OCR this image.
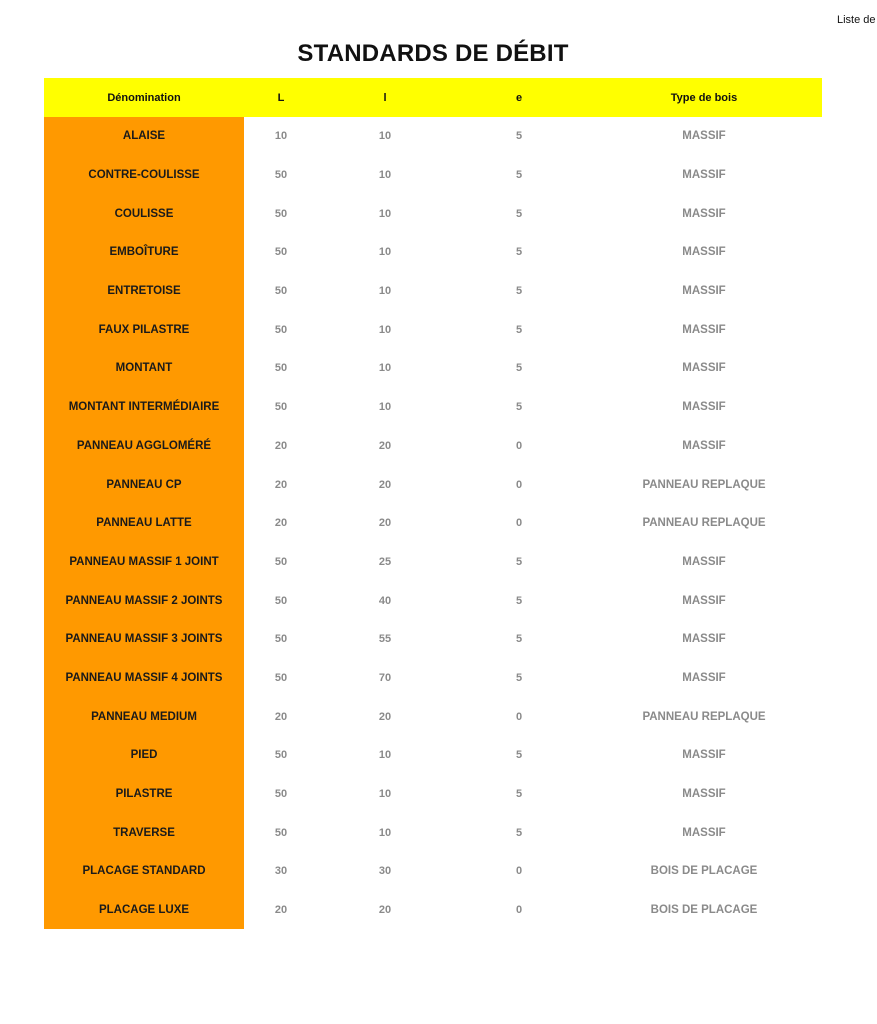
Liste de
STANDARDS DE DÉBIT
Dénomination	L	l	e	Type de bois
ALAISE	10	10	5	MASSIF
CONTRE-COULISSE	50	10	5	MASSIF
COULISSE	50	10	5	MASSIF
EMBOÎTURE	50	10	5	MASSIF
ENTRETOISE	50	10	5	MASSIF
FAUX PILASTRE	50	10	5	MASSIF
MONTANT	50	10	5	MASSIF
MONTANT INTERMÉDIAIRE	50	10	5	MASSIF
PANNEAU AGGLOMÉRÉ	20	20	0	MASSIF
PANNEAU CP	20	20	0	PANNEAU REPLAQUE
PANNEAU LATTE	20	20	0	PANNEAU REPLAQUE
PANNEAU MASSIF 1 JOINT	50	25	5	MASSIF
PANNEAU MASSIF 2 JOINTS	50	40	5	MASSIF
PANNEAU MASSIF 3 JOINTS	50	55	5	MASSIF
PANNEAU MASSIF 4 JOINTS	50	70	5	MASSIF
PANNEAU MEDIUM	20	20	0	PANNEAU REPLAQUE
PIED	50	10	5	MASSIF
PILASTRE	50	10	5	MASSIF
TRAVERSE	50	10	5	MASSIF
PLACAGE STANDARD	30	30	0	BOIS DE PLACAGE
PLACAGE LUXE	20	20	0	BOIS DE PLACAGE
